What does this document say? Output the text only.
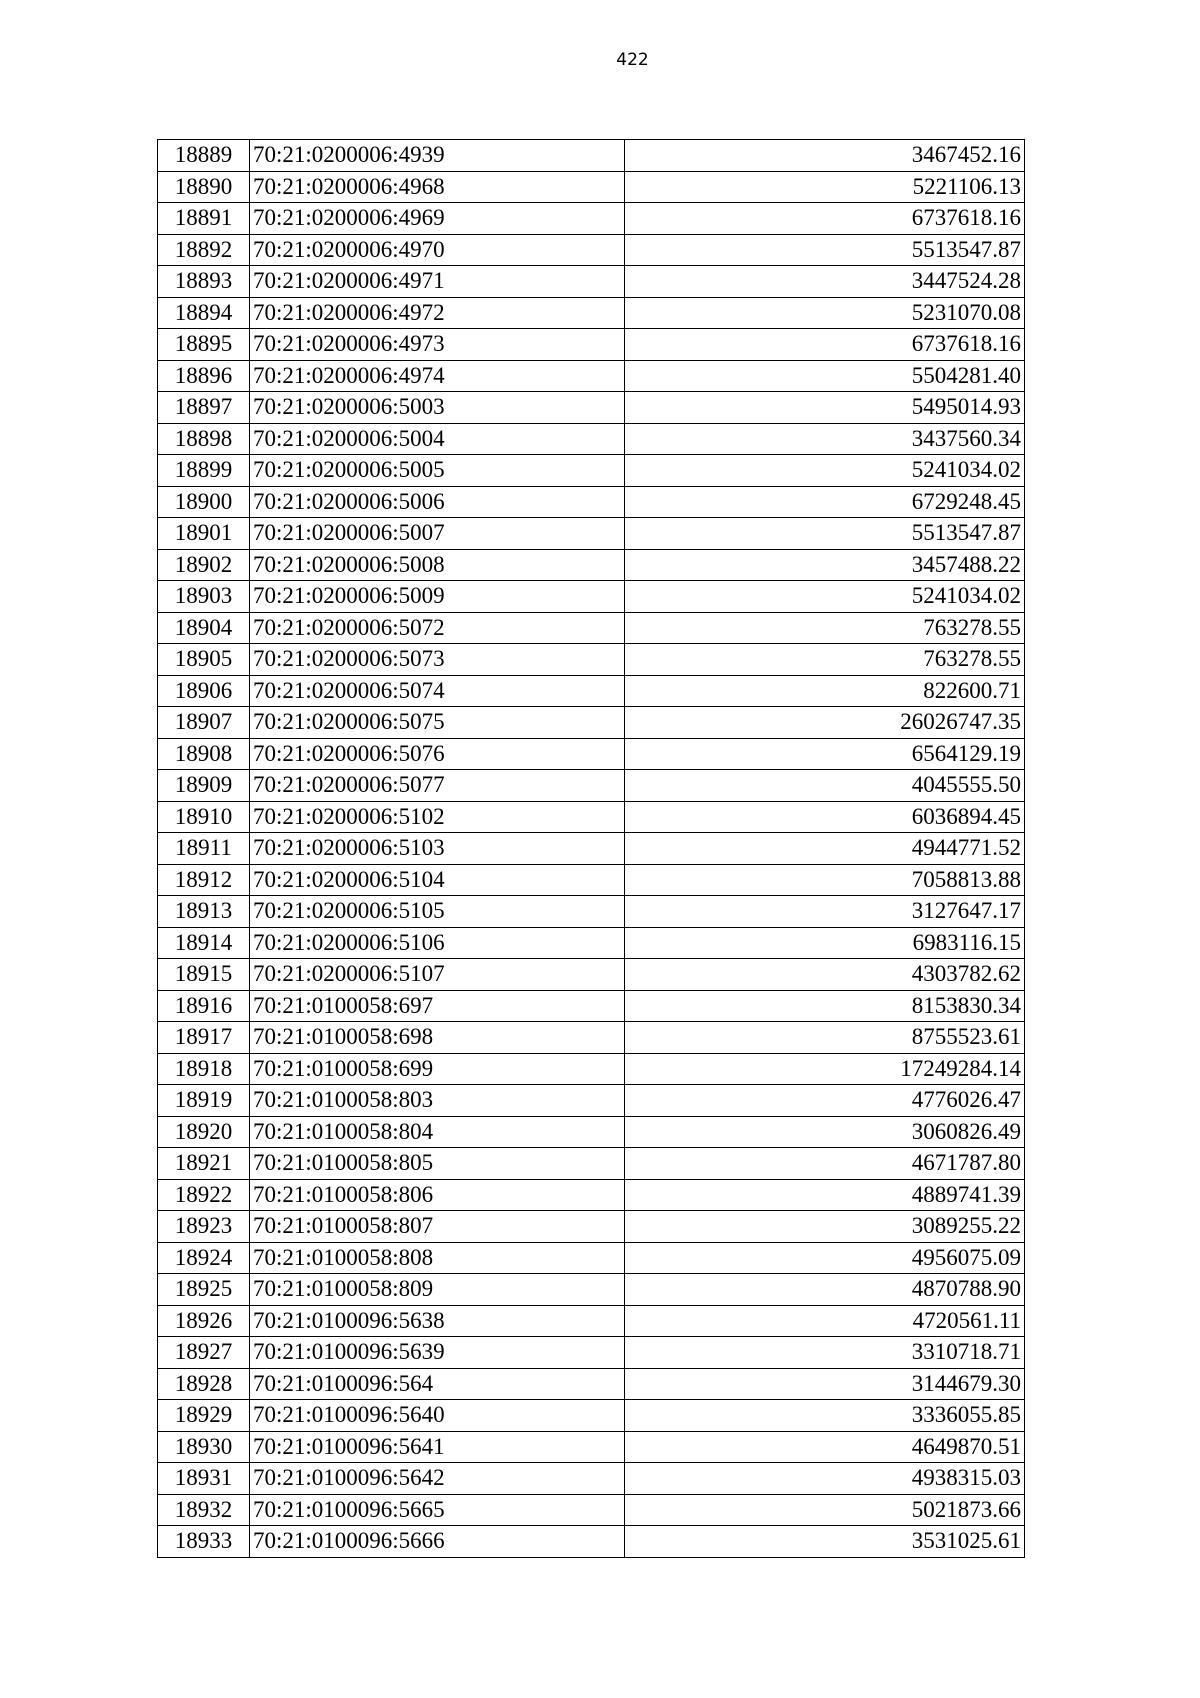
422
18889	70:21:0200006:4939	3467452.16
18890	70:21:0200006:4968	5221106.13
18891	70:21:0200006:4969	6737618.16
18892	70:21:0200006:4970	5513547.87
18893	70:21:0200006:4971	3447524.28
18894	70:21:0200006:4972	5231070.08
18895	70:21:0200006:4973	6737618.16
18896	70:21:0200006:4974	5504281.40
18897	70:21:0200006:5003	5495014.93
18898	70:21:0200006:5004	3437560.34
18899	70:21:0200006:5005	5241034.02
18900	70:21:0200006:5006	6729248.45
18901	70:21:0200006:5007	5513547.87
18902	70:21:0200006:5008	3457488.22
18903	70:21:0200006:5009	5241034.02
18904	70:21:0200006:5072	763278.55
18905	70:21:0200006:5073	763278.55
18906	70:21:0200006:5074	822600.71
18907	70:21:0200006:5075	26026747.35
18908	70:21:0200006:5076	6564129.19
18909	70:21:0200006:5077	4045555.50
18910	70:21:0200006:5102	6036894.45
18911	70:21:0200006:5103	4944771.52
18912	70:21:0200006:5104	7058813.88
18913	70:21:0200006:5105	3127647.17
18914	70:21:0200006:5106	6983116.15
18915	70:21:0200006:5107	4303782.62
18916	70:21:0100058:697	8153830.34
18917	70:21:0100058:698	8755523.61
18918	70:21:0100058:699	17249284.14
18919	70:21:0100058:803	4776026.47
18920	70:21:0100058:804	3060826.49
18921	70:21:0100058:805	4671787.80
18922	70:21:0100058:806	4889741.39
18923	70:21:0100058:807	3089255.22
18924	70:21:0100058:808	4956075.09
18925	70:21:0100058:809	4870788.90
18926	70:21:0100096:5638	4720561.11
18927	70:21:0100096:5639	3310718.71
18928	70:21:0100096:564	3144679.30
18929	70:21:0100096:5640	3336055.85
18930	70:21:0100096:5641	4649870.51
18931	70:21:0100096:5642	4938315.03
18932	70:21:0100096:5665	5021873.66
18933	70:21:0100096:5666	3531025.61
